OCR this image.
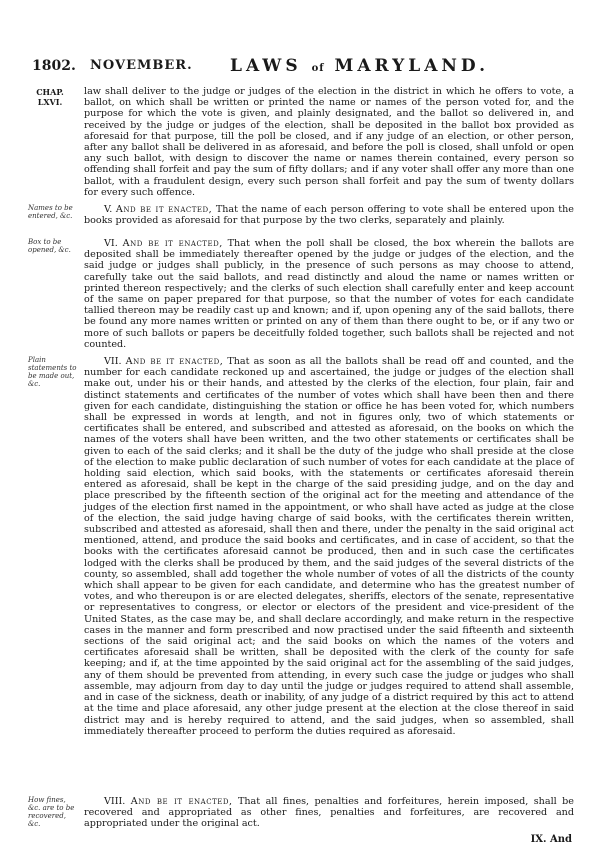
1802. NOVEMBER. LAWS of MARYLAND.
CHAP.
LXVI.
Names to be entered, &c.
Box to be opened, &c.
Plain statements to be made out, &c.
How fines, &c. are to be recovered, &c.

law shall deliver to the judge or judges of the election in the district in which he offers to vote, a ballot, on which shall be written or printed the name or names of the person voted for, and the purpose for which the vote is given, and plainly designated, and the ballot so delivered in, and received by the judge or judges of the election, shall be deposited in the ballot box provided as aforesaid for that purpose, till the poll be closed, and if any judge of an election, or other person, after any ballot shall be delivered in as aforesaid, and before the poll is closed, shall unfold or open any such ballot, with design to discover the name or names therein contained, every person so offending shall forfeit and pay the sum of fifty dollars; and if any voter shall offer any more than one ballot, with a fraudulent design, every such person shall forfeit and pay the sum of twenty dollars for every such offence.

V. And be it enacted, That the name of each person offering to vote shall be entered upon the books provided as aforesaid for that purpose by the two clerks, separately and plainly.

VI. And be it enacted, That when the poll shall be closed, the box wherein the ballots are deposited shall be immediately thereafter opened by the judge or judges of the election, and the said judge or judges shall publicly, in the presence of such persons as may choose to attend, carefully take out the said ballots, and read distinctly and aloud the name or names written or printed thereon respectively; and the clerks of such election shall carefully enter and keep account of the same on paper prepared for that purpose, so that the number of votes for each candidate tallied thereon may be readily cast up and known; and if, upon opening any of the said ballots, there be found any more names written or printed on any of them than there ought to be, or if any two or more of such ballots or papers be deceitfully folded together, such ballots shall be rejected and not counted.

VII. And be it enacted, That as soon as all the ballots shall be read off and counted, and the number for each candidate reckoned up and ascertained, the judge or judges of the election shall make out, under his or their hands, and attested by the clerks of the election, four plain, fair and distinct statements and certificates of the number of votes which shall have been then and there given for each candidate, distinguishing the station or office he has been voted for, which numbers shall be expressed in words at length, and not in figures only, two of which statements or certificates shall be entered, and subscribed and attested as aforesaid, on the books on which the names of the voters shall have been written, and the two other statements or certificates shall be given to each of the said clerks; and it shall be the duty of the judge who shall preside at the close of the election to make public declaration of such number of votes for each candidate at the place of holding said election, which said books, with the statements or certificates aforesaid therein entered as aforesaid, shall be kept in the charge of the said presiding judge, and on the day and place prescribed by the fifteenth section of the original act for the meeting and attendance of the judges of the election first named in the appointment, or who shall have acted as judge at the close of the election, the said judge having charge of said books, with the certificates therein written, subscribed and attested as aforesaid, shall then and there, under the penalty in the said original act mentioned, attend, and produce the said books and certificates, and in case of accident, so that the books with the certificates aforesaid cannot be produced, then and in such case the certificates lodged with the clerks shall be produced by them, and the said judges of the several districts of the county, so assembled, shall add together the whole number of votes of all the districts of the county which shall appear to be given for each candidate, and determine who has the greatest number of votes, and who thereupon is or are elected delegates, sheriffs, electors of the senate, representative or representatives to congress, or elector or electors of the president and vice-president of the United States, as the case may be, and shall declare accordingly, and make return in the respective cases in the manner and form prescribed and now practised under the said fifteenth and sixteenth sections of the said original act; and the said books on which the names of the voters and certificates aforesaid shall be written, shall be deposited with the clerk of the county for safe keeping; and if, at the time appointed by the said original act for the assembling of the said judges, any of them should be prevented from attending, in every such case the judge or judges who shall assemble, may adjourn from day to day until the judge or judges required to attend shall assemble, and in case of the sickness, death or inability, of any judge of a district required by this act to attend at the time and place aforesaid, any other judge present at the election at the close thereof in said district may and is hereby required to attend, and the said judges, when so assembled, shall immediately thereafter proceed to perform the duties required as aforesaid.

VIII. And be it enacted, That all fines, penalties and forfeitures, herein imposed, shall be recovered and appropriated as other fines, penalties and forfeitures, are recovered and appropriated under the original act.

IX. And
